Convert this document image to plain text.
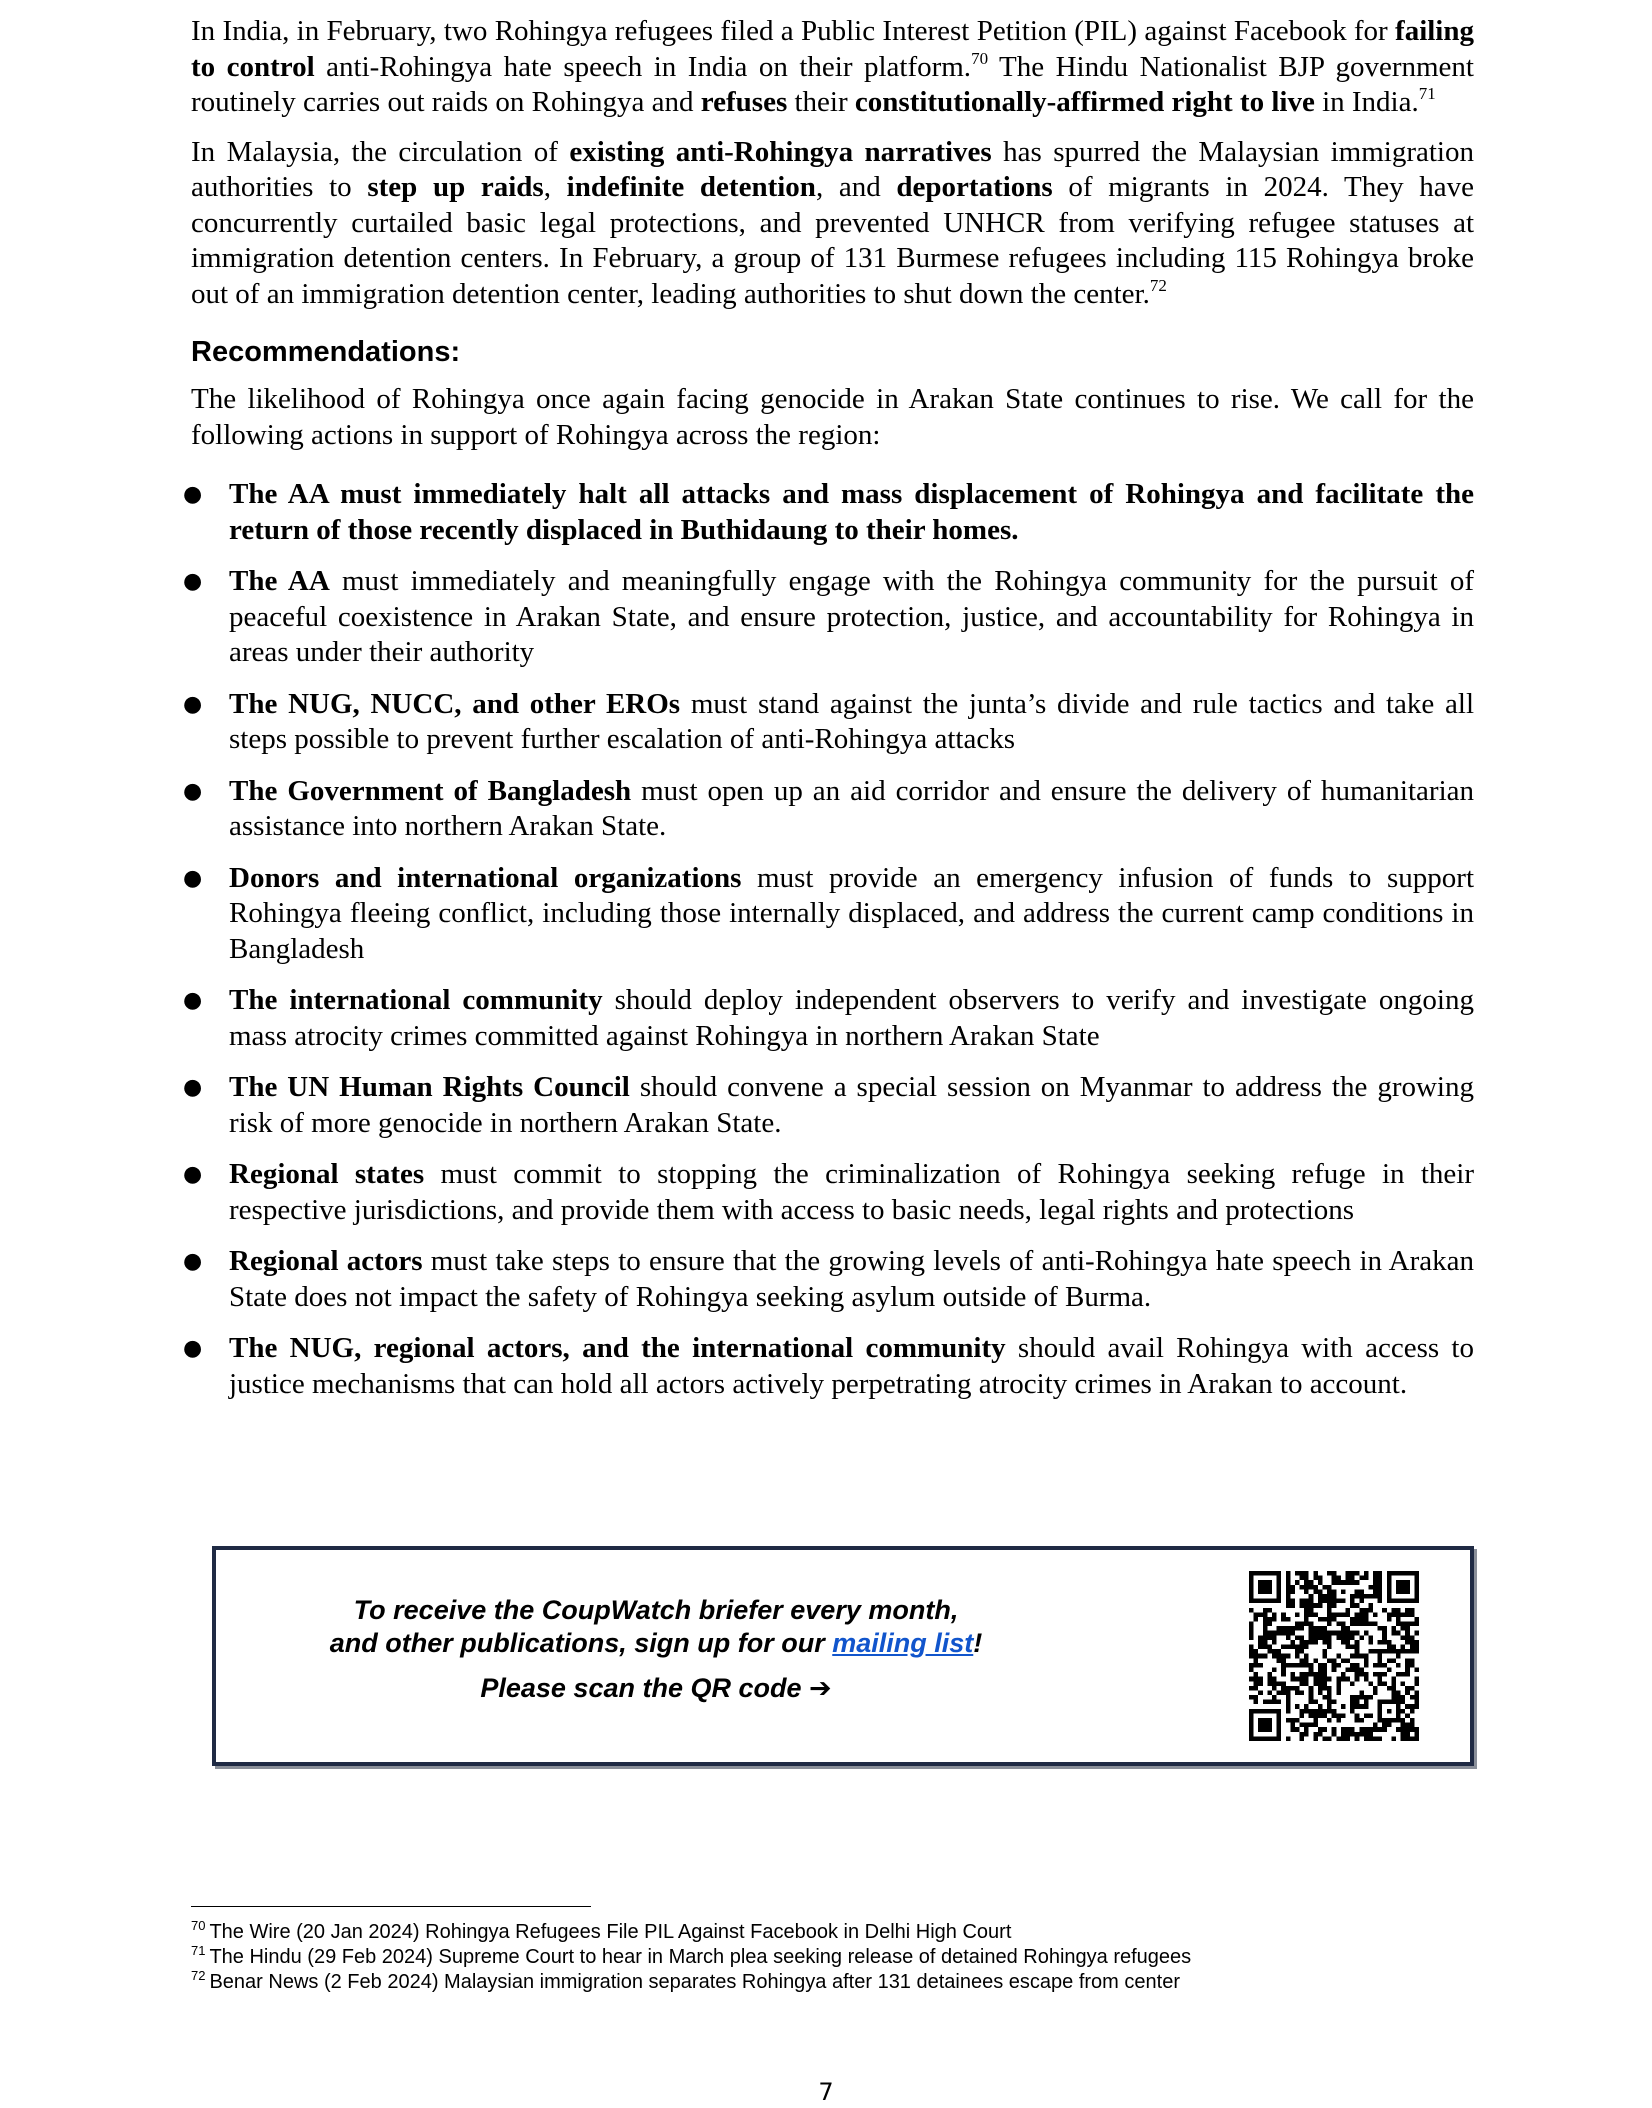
In India, in February, two Rohingya refugees filed a Public Interest Petition (PIL) against Facebook for failing to control anti-Rohingya hate speech in India on their platform.$^{70}$ The Hindu Nationalist BJP government routinely carries out raids on Rohingya and refuses their constitutionally-affirmed right to live in India.$^{71}$

In Malaysia, the circulation of existing anti-Rohingya narratives has spurred the Malaysian immigration authorities to step up raids, indefinite detention, and deportations of migrants in 2024. They have concurrently curtailed basic legal protections, and prevented UNHCR from verifying refugee statuses at immigration detention centers. In February, a group of 131 Burmese refugees including 115 Rohingya broke out of an immigration detention center, leading authorities to shut down the center.$^{72}$

Recommendations:

The likelihood of Rohingya once again facing genocide in Arakan State continues to rise. We call for the following actions in support of Rohingya across the region:

● The AA must immediately halt all attacks and mass displacement of Rohingya and facilitate the return of those recently displaced in Buthidaung to their homes.
● The AA must immediately and meaningfully engage with the Rohingya community for the pursuit of peaceful coexistence in Arakan State, and ensure protection, justice, and accountability for Rohingya in areas under their authority
● The NUG, NUCC, and other EROs must stand against the junta’s divide and rule tactics and take all steps possible to prevent further escalation of anti-Rohingya attacks
● The Government of Bangladesh must open up an aid corridor and ensure the delivery of humanitarian assistance into northern Arakan State.
● Donors and international organizations must provide an emergency infusion of funds to support Rohingya fleeing conflict, including those internally displaced, and address the current camp conditions in Bangladesh
● The international community should deploy independent observers to verify and investigate ongoing mass atrocity crimes committed against Rohingya in northern Arakan State
● The UN Human Rights Council should convene a special session on Myanmar to address the growing risk of more genocide in northern Arakan State.
● Regional states must commit to stopping the criminalization of Rohingya seeking refuge in their respective jurisdictions, and provide them with access to basic needs, legal rights and protections
● Regional actors must take steps to ensure that the growing levels of anti-Rohingya hate speech in Arakan State does not impact the safety of Rohingya seeking asylum outside of Burma.
● The NUG, regional actors, and the international community should avail Rohingya with access to justice mechanisms that can hold all actors actively perpetrating atrocity crimes in Arakan to account.
To receive the CoupWatch briefer every month,
and other publications, sign up for our mailing list!
Please scan the QR code ➔
$^{70}$ The Wire (20 Jan 2024) Rohingya Refugees File PIL Against Facebook in Delhi High Court
$^{71}$ The Hindu (29 Feb 2024) Supreme Court to hear in March plea seeking release of detained Rohingya refugees
$^{72}$ Benar News (2 Feb 2024) Malaysian immigration separates Rohingya after 131 detainees escape from center
7
